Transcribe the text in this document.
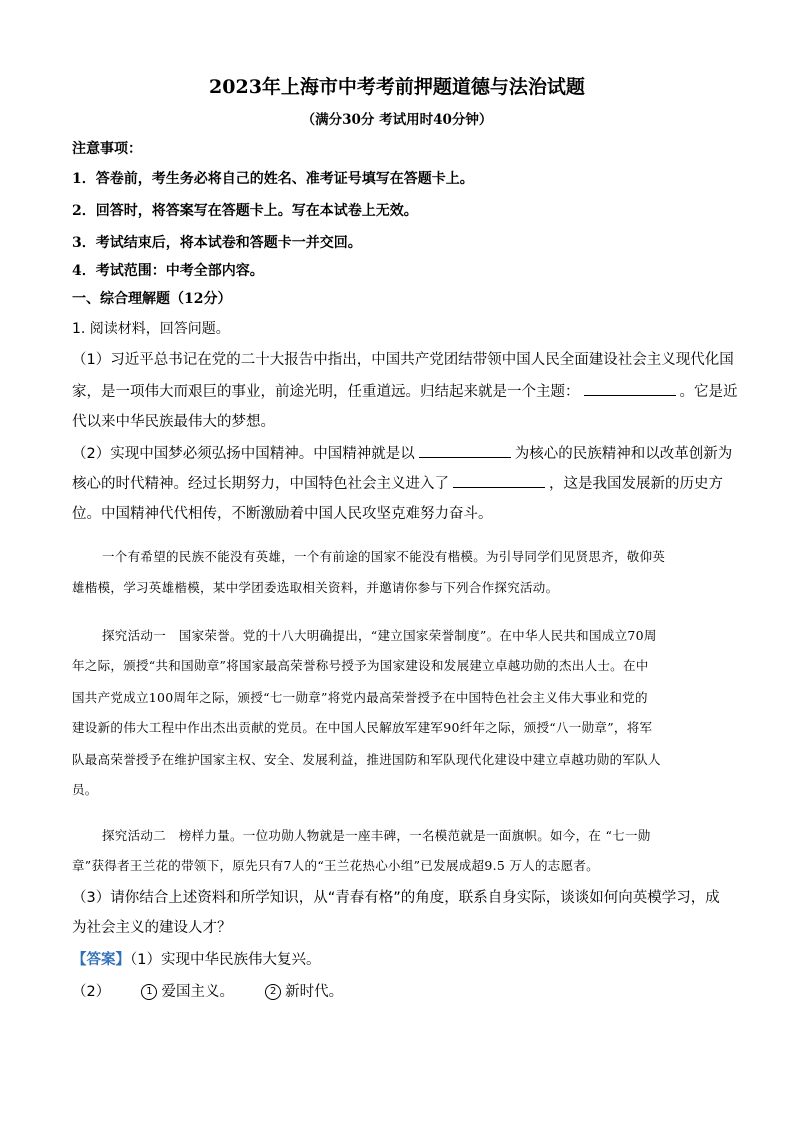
2023年上海市中考考前押题道德与法治试题
（满分30分 考试用时40分钟）
注意事项：
1．答卷前，考生务必将自己的姓名、准考证号填写在答题卡上。
2．回答时，将答案写在答题卡上。写在本试卷上无效。
3．考试结束后，将本试卷和答题卡一并交回。
4．考试范围：中考全部内容。
一、综合理解题（12分）
1. 阅读材料，回答问题。
（1）习近平总书记在党的二十大报告中指出，中国共产党团结带领中国人民全面建设社会主义现代化国
家，是一项伟大而艰巨的事业，前途光明，任重道远。归结起来就是一个主题：	。它是近
代以来中华民族最伟大的梦想。
（2）实现中国梦必须弘扬中国精神。中国精神就是以	为核心的民族精神和以改革创新为
核心的时代精神。经过长期努力，中国特色社会主义进入了	，这是我国发展新的历史方
位。中国精神代代相传，不断激励着中国人民攻坚克难努力奋斗。
一个有希望的民族不能没有英雄，一个有前途的国家不能没有楷模。为引导同学们见贤思齐，敬仰英
雄楷模，学习英雄楷模，某中学团委选取相关资料，并邀请你参与下列合作探究活动。
探究活动一　国家荣誉。党的十八大明确提出，“建立国家荣誉制度”。在中华人民共和国成立70周
年之际，颁授“共和国勋章”将国家最高荣誉称号授予为国家建设和发展建立卓越功勋的杰出人士。在中
国共产党成立100周年之际，颁授“七一勋章”将党内最高荣誉授予在中国特色社会主义伟大事业和党的
建设新的伟大工程中作出杰出贡献的党员。在中国人民解放军建军90纤年之际，颁授“八一勋章”，将军
队最高荣誉授予在维护国家主权、安全、发展利益，推进国防和军队现代化建设中建立卓越功勋的军队人
员。
探究活动二　榜样力量。一位功勋人物就是一座丰碑，一名模范就是一面旗帜。如今，在 “七一勋
章”获得者王兰花的带领下，原先只有7人的“王兰花热心小组”已发展成超9.5 万人的志愿者。
（3）请你结合上述资料和所学知识，从“青春有格”的角度，联系自身实际，谈谈如何向英模学习，成
为社会主义的建设人才？
【答案】（1）实现中华民族伟大复兴。
（2）	1 爱国主义。	2 新时代。
